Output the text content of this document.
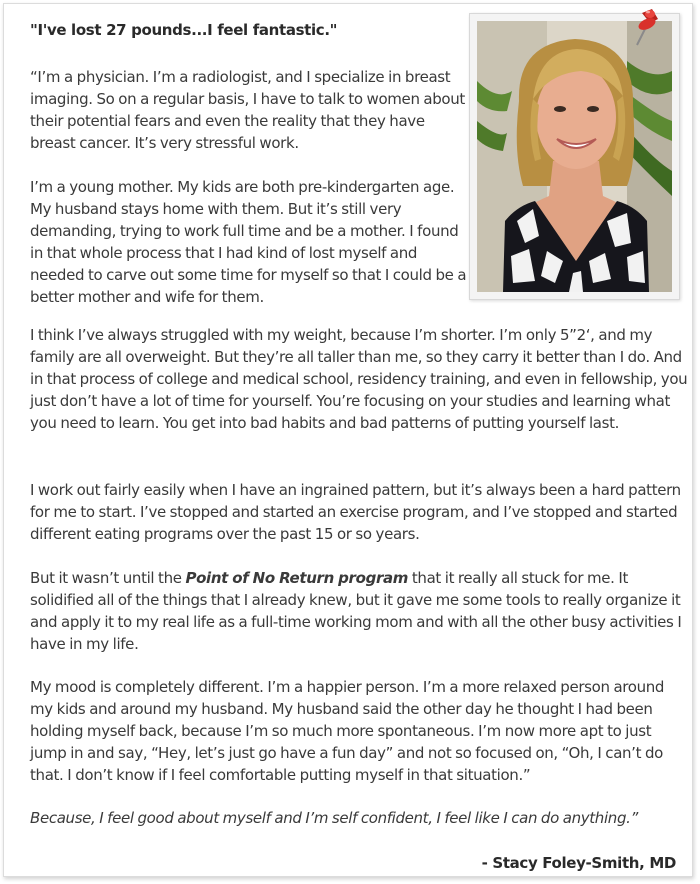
"I've lost 27 pounds...I feel fantastic."

“I’m a physician. I’m a radiologist, and I specialize in breast imaging. So on a regular basis, I have to talk to women about their potential fears and even the reality that they have breast cancer. It’s very stressful work.

I’m a young mother. My kids are both pre-kindergarten age. My husband stays home with them. But it’s still very demanding, trying to work full time and be a mother. I found in that whole process that I had kind of lost myself and needed to carve out some time for myself so that I could be a better mother and wife for them.

I think I’ve always struggled with my weight, because I’m shorter. I’m only 5”2‘, and my family are all overweight. But they’re all taller than me, so they carry it better than I do. And in that process of college and medical school, residency training, and even in fellowship, you just don’t have a lot of time for yourself. You’re focusing on your studies and learning what you need to learn. You get into bad habits and bad patterns of putting yourself last.

I work out fairly easily when I have an ingrained pattern, but it’s always been a hard pattern for me to start. I’ve stopped and started an exercise program, and I’ve stopped and started different eating programs over the past 15 or so years.

But it wasn’t until the Point of No Return program that it really all stuck for me. It solidified all of the things that I already knew, but it gave me some tools to really organize it and apply it to my real life as a full-time working mom and with all the other busy activities I have in my life.

My mood is completely different. I’m a happier person. I’m a more relaxed person around my kids and around my husband. My husband said the other day he thought I had been holding myself back, because I’m so much more spontaneous. I’m now more apt to just jump in and say, “Hey, let’s just go have a fun day” and not so focused on, “Oh, I can’t do that. I don’t know if I feel comfortable putting myself in that situation.”

Because, I feel good about myself and I’m self confident, I feel like I can do anything.”

- Stacy Foley-Smith, MD
